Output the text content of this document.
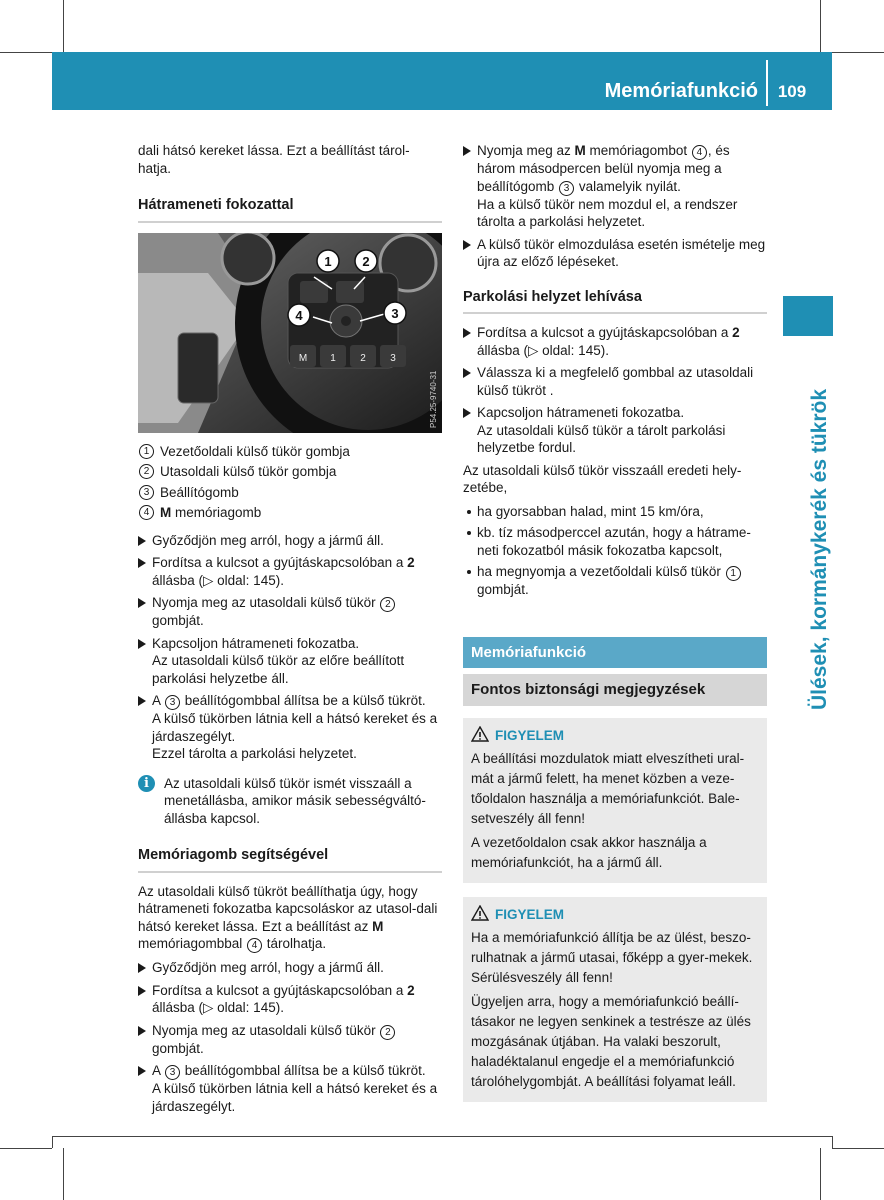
Memóriafunkció	109
Ülések, kormánykerék és tükrök

dali hátsó kereket lássa. Ezt a beállítást tárol-hatja.

Hátrameneti fokozattal
M 1 2 3
1 2
4	3
P54.25-9740-31
1 Vezetőoldali külső tükör gombja
2 Utasoldali külső tükör gombja
3 Beállítógomb
4 M memóriagomb
Győződjön meg arról, hogy a jármű áll.
Fordítsa a kulcsot a gyújtáskapcsolóban a 2
állásba (▷ oldal: 145).
Nyomja meg az utasoldali külső tükör 2
gombját.
Kapcsoljon hátrameneti fokozatba.
Az utasoldali külső tükör az előre beállított parkolási helyzetbe áll.
A 3 beállítógombbal állítsa be a külső tükröt.
A külső tükörben látnia kell a hátsó kereket és a járdaszegélyt.
Ezzel tárolta a parkolási helyzetet.
i	Az utasoldali külső tükör ismét visszaáll a menetállásba, amikor másik sebességváltó-állásba kapcsol.
Memóriagomb segítségével

Az utasoldali külső tükröt beállíthatja úgy, hogy hátrameneti fokozatba kapcsoláskor az utasol-dali hátsó kereket lássa. Ezt a beállítást az M
memóriagombbal 4 tárolhatja.

Győződjön meg arról, hogy a jármű áll.
Fordítsa a kulcsot a gyújtáskapcsolóban a 2
állásba (▷ oldal: 145).
Nyomja meg az utasoldali külső tükör 2
gombját.
A 3 beállítógombbal állítsa be a külső tükröt.
A külső tükörben látnia kell a hátsó kereket és a járdaszegélyt.
Nyomja meg az M memóriagombot 4 , és három másodpercen belül nyomja meg a beállítógomb 3 valamelyik nyilát.
Ha a külső tükör nem mozdul el, a rendszer tárolta a parkolási helyzetet.
A külső tükör elmozdulása esetén ismételje meg újra az előző lépéseket.
Parkolási helyzet lehívása
Fordítsa a kulcsot a gyújtáskapcsolóban a 2
állásba (▷ oldal: 145).
Válassza ki a megfelelő gombbal az utasoldali külső tükröt .
Kapcsoljon hátrameneti fokozatba.
Az utasoldali külső tükör a tárolt parkolási helyzetbe fordul.

Az utasoldali külső tükör visszaáll eredeti hely-zetébe,

ha gyorsabban halad, mint 15 km/óra,
kb. tíz másodperccel azután, hogy a hátrame-neti fokozatból másik fokozatba kapcsolt,
ha megnyomja a vezetőoldali külső tükör 1
gombját.
Memóriafunkció
Fontos biztonsági megjegyzések
FIGYELEM

A beállítási mozdulatok miatt elveszítheti ural-mát a jármű felett, ha menet közben a veze-tőoldalon használja a memóriafunkciót. Bale-setveszély áll fenn!

A vezetőoldalon csak akkor használja a memóriafunkciót, ha a jármű áll.

FIGYELEM

Ha a memóriafunkció állítja be az ülést, beszo-rulhatnak a jármű utasai, főképp a gyer-mekek. Sérülésveszély áll fenn!

Ügyeljen arra, hogy a memóriafunkció beállí-tásakor ne legyen senkinek a testrésze az ülés mozgásának útjában. Ha valaki beszorult, haladéktalanul engedje el a memóriafunkció tárolóhelygombját. A beállítási folyamat leáll.
